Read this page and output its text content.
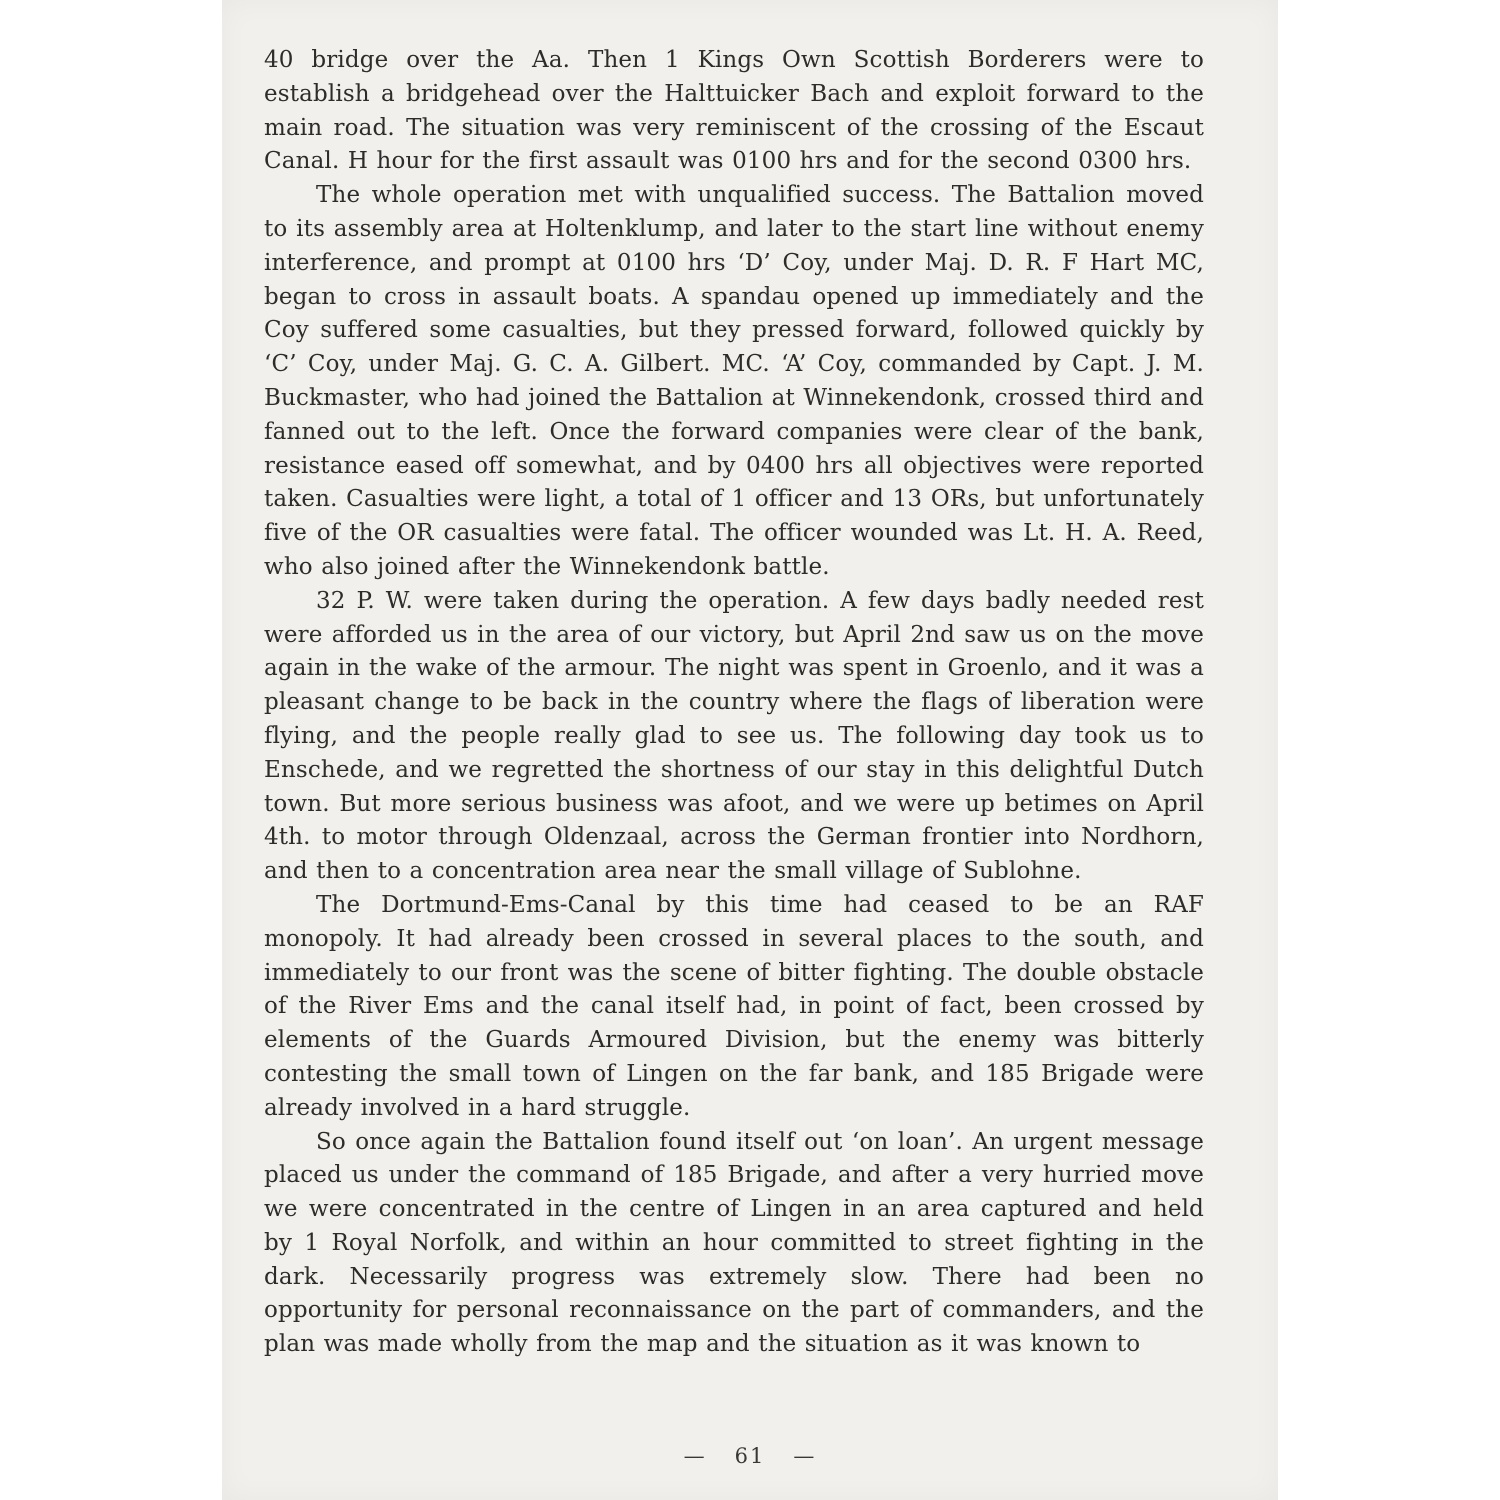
40 bridge over the Aa. Then 1 Kings Own Scottish Borderers were to establish a bridgehead over the Halttuicker Bach and exploit forward to the main road. The situation was very reminiscent of the crossing of the Escaut Canal. H hour for the first assault was 0100 hrs and for the second 0300 hrs.

The whole operation met with unqualified success. The Battalion moved to its assembly area at Holtenklump, and later to the start line without enemy interference, and prompt at 0100 hrs ‘D’ Coy, under Maj. D. R. F Hart MC, began to cross in assault boats. A spandau opened up immediately and the Coy suffered some casualties, but they pressed forward, followed quickly by ‘C’ Coy, under Maj. G. C. A. Gilbert. MC. ‘A’ Coy, commanded by Capt. J. M. Buckmaster, who had joined the Battalion at Winnekendonk, crossed third and fanned out to the left. Once the forward companies were clear of the bank, resistance eased off somewhat, and by 0400 hrs all objectives were reported taken. Casualties were light, a total of 1 officer and 13 ORs, but unfortunately five of the OR casualties were fatal. The officer wounded was Lt. H. A. Reed, who also joined after the Winnekendonk battle.

32 P. W. were taken during the operation. A few days badly needed rest were afforded us in the area of our victory, but April 2nd saw us on the move again in the wake of the armour. The night was spent in Groenlo, and it was a pleasant change to be back in the country where the flags of liberation were flying, and the people really glad to see us. The following day took us to Enschede, and we regretted the shortness of our stay in this delightful Dutch town. But more serious business was afoot, and we were up betimes on April 4th. to motor through Oldenzaal, across the German frontier into Nordhorn, and then to a concentration area near the small village of Sublohne.

The Dortmund-Ems-Canal by this time had ceased to be an RAF monopoly. It had already been crossed in several places to the south, and immediately to our front was the scene of bitter fighting. The double obstacle of the River Ems and the canal itself had, in point of fact, been crossed by elements of the Guards Armoured Division, but the enemy was bitterly contesting the small town of Lingen on the far bank, and 185 Brigade were already involved in a hard struggle.

So once again the Battalion found itself out ‘on loan’. An urgent message placed us under the command of 185 Brigade, and after a very hurried move we were concentrated in the centre of Lingen in an area captured and held by 1 Royal Norfolk, and within an hour committed to street fighting in the dark. Necessarily progress was extremely slow. There had been no opportunity for personal reconnaissance on the part of commanders, and the plan was made wholly from the map and the situation as it was known to

— 61 —
